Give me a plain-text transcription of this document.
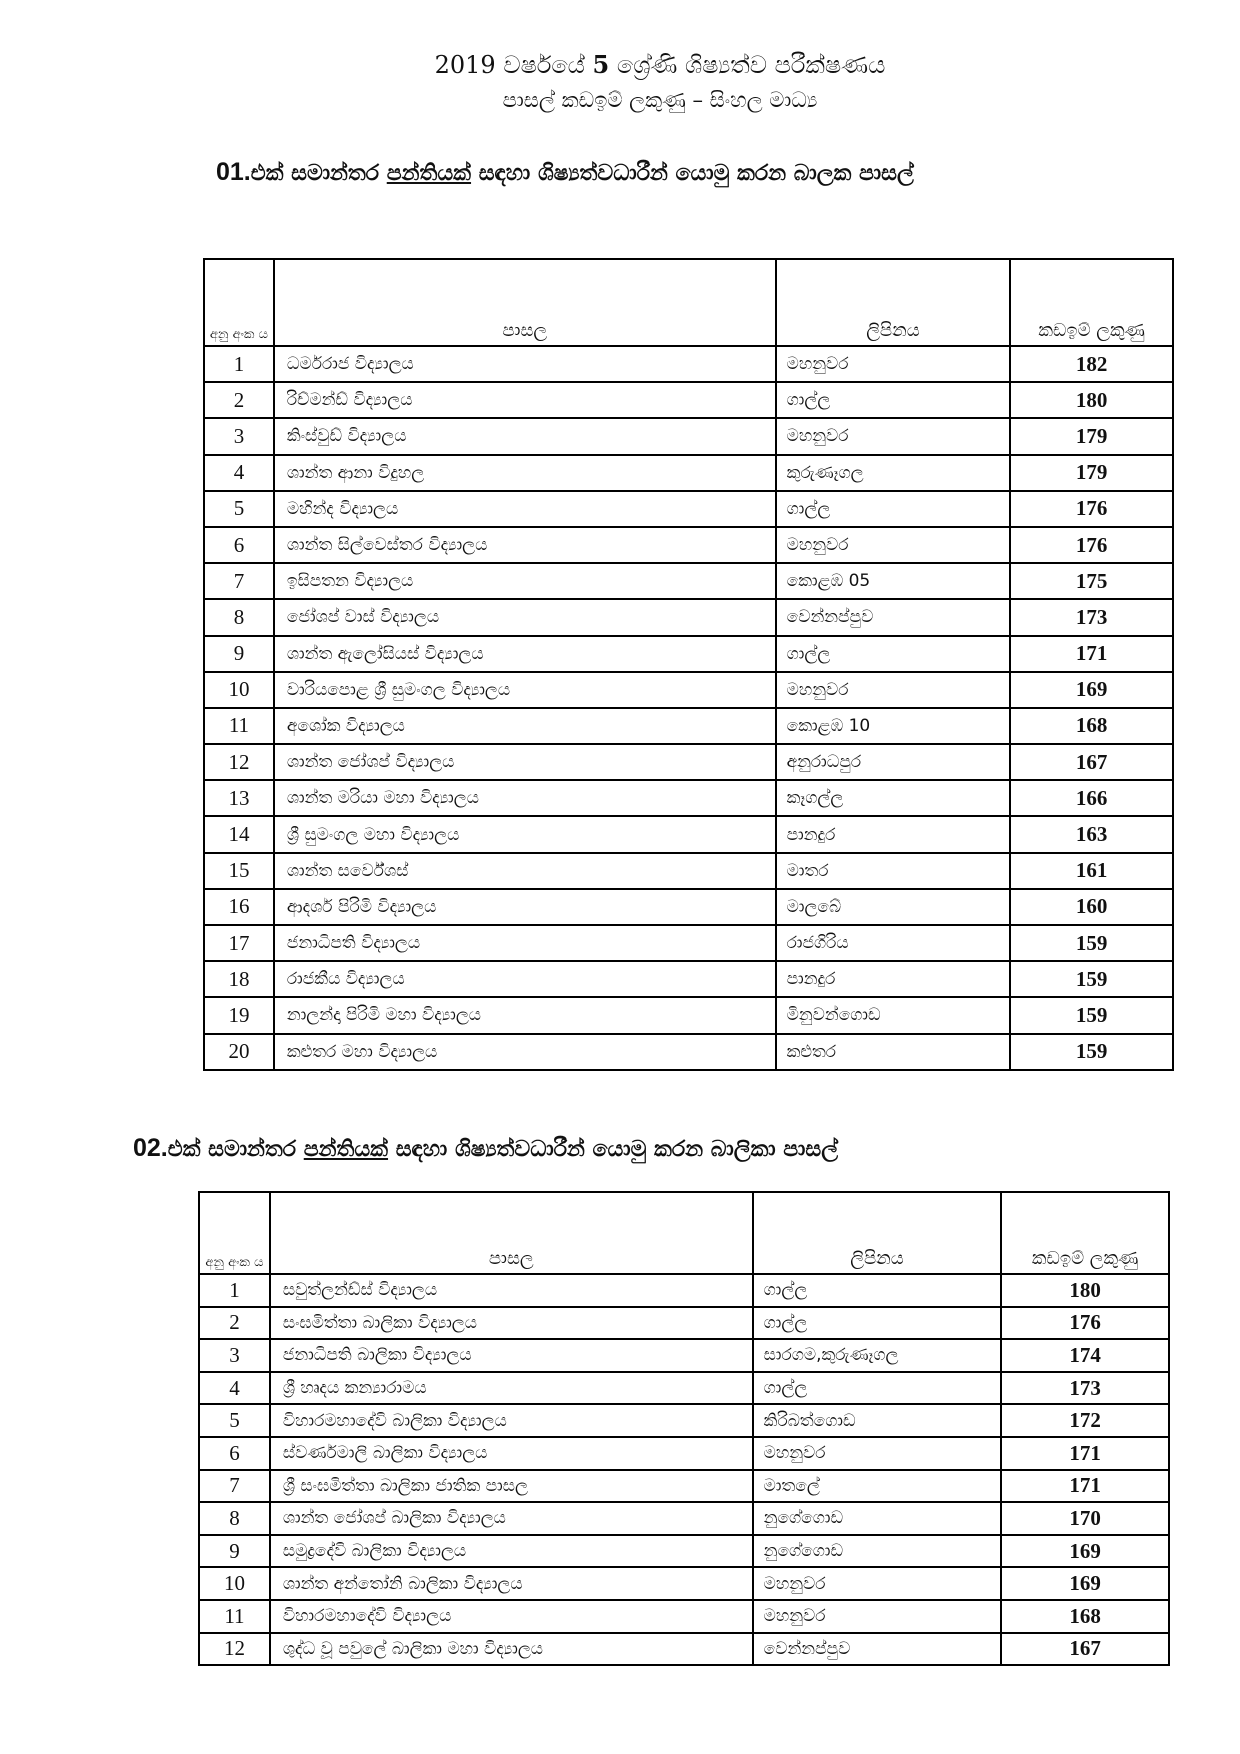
2019 වර්ෂයේ 5 ශ්‍රේණි ශිෂ්‍යත්ව පරීක්ෂණය
පාසල් කඩඉම් ලකුණු – සිංහල මාධ්‍ය
01.එක් සමාන්තර පන්තියක් සඳහා ශිෂ්‍යත්වධාරීන් යොමු කරන බාලක පාසල්
අනු අංක ය	පාසල	ලිපිනය	කඩඉම් ලකුණු
1	ධර්මරාජ විද්‍යාලය	මහනුවර	182
2	රිච්මන්ඩ් විද්‍යාලය	ගාල්ල	180
3	කිංස්වුඩ් විද්‍යාලය	මහනුවර	179
4	ශාන්ත ආනා විදුහල	කුරුණෑගල	179
5	මහින්ද විද්‍යාලය	ගාල්ල	176
6	ශාන්ත සිල්වෙස්තර විද්‍යාලය	මහනුවර	176
7	ඉසිපතන විද්‍යාලය	කොළඹ 05	175
8	ජෝශප් වාස් විද්‍යාලය	වෙන්නප්පුව	173
9	ශාන්ත ඇලෝසියස් විද්‍යාලය	ගාල්ල	171
10	වාරියපොළ ශ්‍රී සුමංගල විද්‍යාලය	මහනුවර	169
11	අශෝක විද්‍යාලය	කොළඹ 10	168
12	ශාන්ත ජෝශප් විද්‍යාලය	අනුරාධපුර	167
13	ශාන්ත මරියා මහා විද්‍යාලය	කෑගල්ල	166
14	ශ්‍රී සුමංගල මහා විද්‍යාලය	පානදුර	163
15	ශාන්ත සර්වේශස්	මාතර	161
16	ආදර්ශ පිරිමි විද්‍යාලය	මාලබේ	160
17	ජනාධිපති විද්‍යාලය	රාජගිරිය	159
18	රාජකීය විද්‍යාලය	පානදුර	159
19	නාලන්දා පිරිමි මහා විද්‍යාලය	මිනුවන්ගොඩ	159
20	කළුතර මහා විද්‍යාලය	කළුතර	159
02.එක් සමාන්තර පන්තියක් සඳහා ශිෂ්‍යත්වධාරීන් යොමු කරන බාලිකා පාසල්
අනු අංක ය	පාසල	ලිපිනය	කඩඉම් ලකුණු
1	සවුත්ලන්ඩ්ස් විද්‍යාලය	ගාල්ල	180
2	සංඝමිත්තා බාලිකා විද්‍යාලය	ගාල්ල	176
3	ජනාධිපති බාලිකා විද්‍යාලය	සාරගම,කුරුණෑගල	174
4	ශ්‍රී හෘදය කන්‍යාරාමය	ගාල්ල	173
5	විහාරමහාදේවි බාලිකා විද්‍යාලය	කිරිබත්ගොඩ	172
6	ස්වර්ණමාලි බාලිකා විද්‍යාලය	මහනුවර	171
7	ශ්‍රී සංඝමිත්තා බාලිකා ජාතික පාසල	මාතලේ	171
8	ශාන්ත ජෝශප් බාලිකා විද්‍යාලය	නුගේගොඩ	170
9	සමුද්‍රදේවි බාලිකා විද්‍යාලය	නුගේගොඩ	169
10	ශාන්ත අන්තෝනි බාලිකා විද්‍යාලය	මහනුවර	169
11	විහාරමහාදේවි විද්‍යාලය	මහනුවර	168
12	ශුද්ධ වූ පවුලේ බාලිකා මහා විද්‍යාලය	වෙන්නප්පුව	167
